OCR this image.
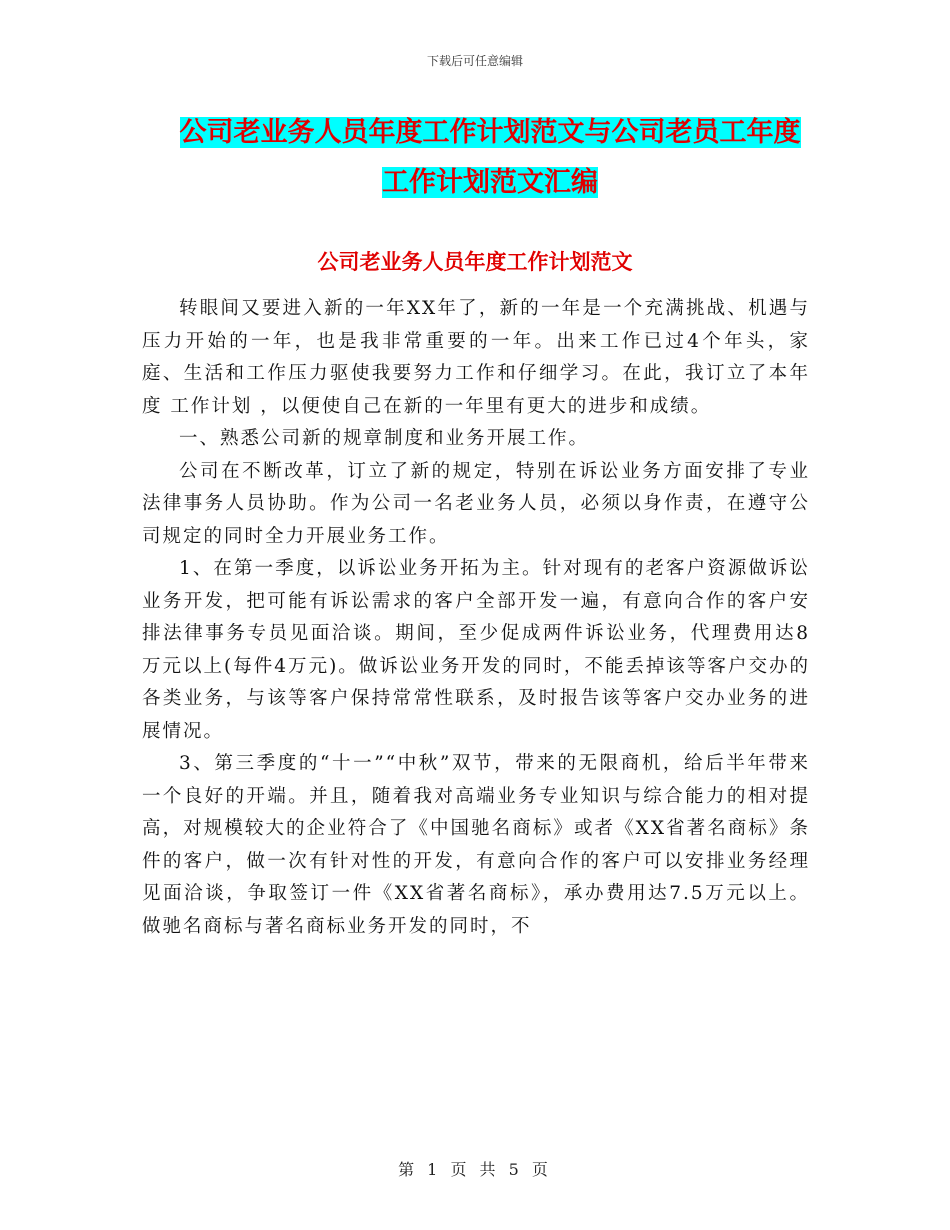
下载后可任意编辑
公司老业务人员年度工作计划范文与公司老员工年度
工作计划范文汇编
公司老业务人员年度工作计划范文

转眼间又要进入新的一年XX年了，新的一年是一个充满挑战、机遇与压力开始的一年，也是我非常重要的一年。出来工作已过4个年头，家庭、生活和工作压力驱使我要努力工作和仔细学习。在此，我订立了本年度 工作计划 ，以便使自己在新的一年里有更大的进步和成绩。

一、熟悉公司新的规章制度和业务开展工作。

公司在不断改革，订立了新的规定，特别在诉讼业务方面安排了专业法律事务人员协助。作为公司一名老业务人员，必须以身作责，在遵守公司规定的同时全力开展业务工作。

1、在第一季度，以诉讼业务开拓为主。针对现有的老客户资源做诉讼业务开发，把可能有诉讼需求的客户全部开发一遍，有意向合作的客户安排法律事务专员见面洽谈。期间，至少促成两件诉讼业务，代理费用达8万元以上(每件4万元)。做诉讼业务开发的同时，不能丢掉该等客户交办的各类业务，与该等客户保持常常性联系，及时报告该等客户交办业务的进展情况。

3、第三季度的“十一”“中秋”双节，带来的无限商机，给后半年带来一个良好的开端。并且，随着我对高端业务专业知识与综合能力的相对提高，对规模较大的企业符合了《中国驰名商标》或者《XX省著名商标》条件的客户，做一次有针对性的开发，有意向合作的客户可以安排业务经理见面洽谈，争取签订一件《XX省著名商标》，承办费用达7.5万元以上。做驰名商标与著名商标业务开发的同时，不

第 1 页 共 5 页
